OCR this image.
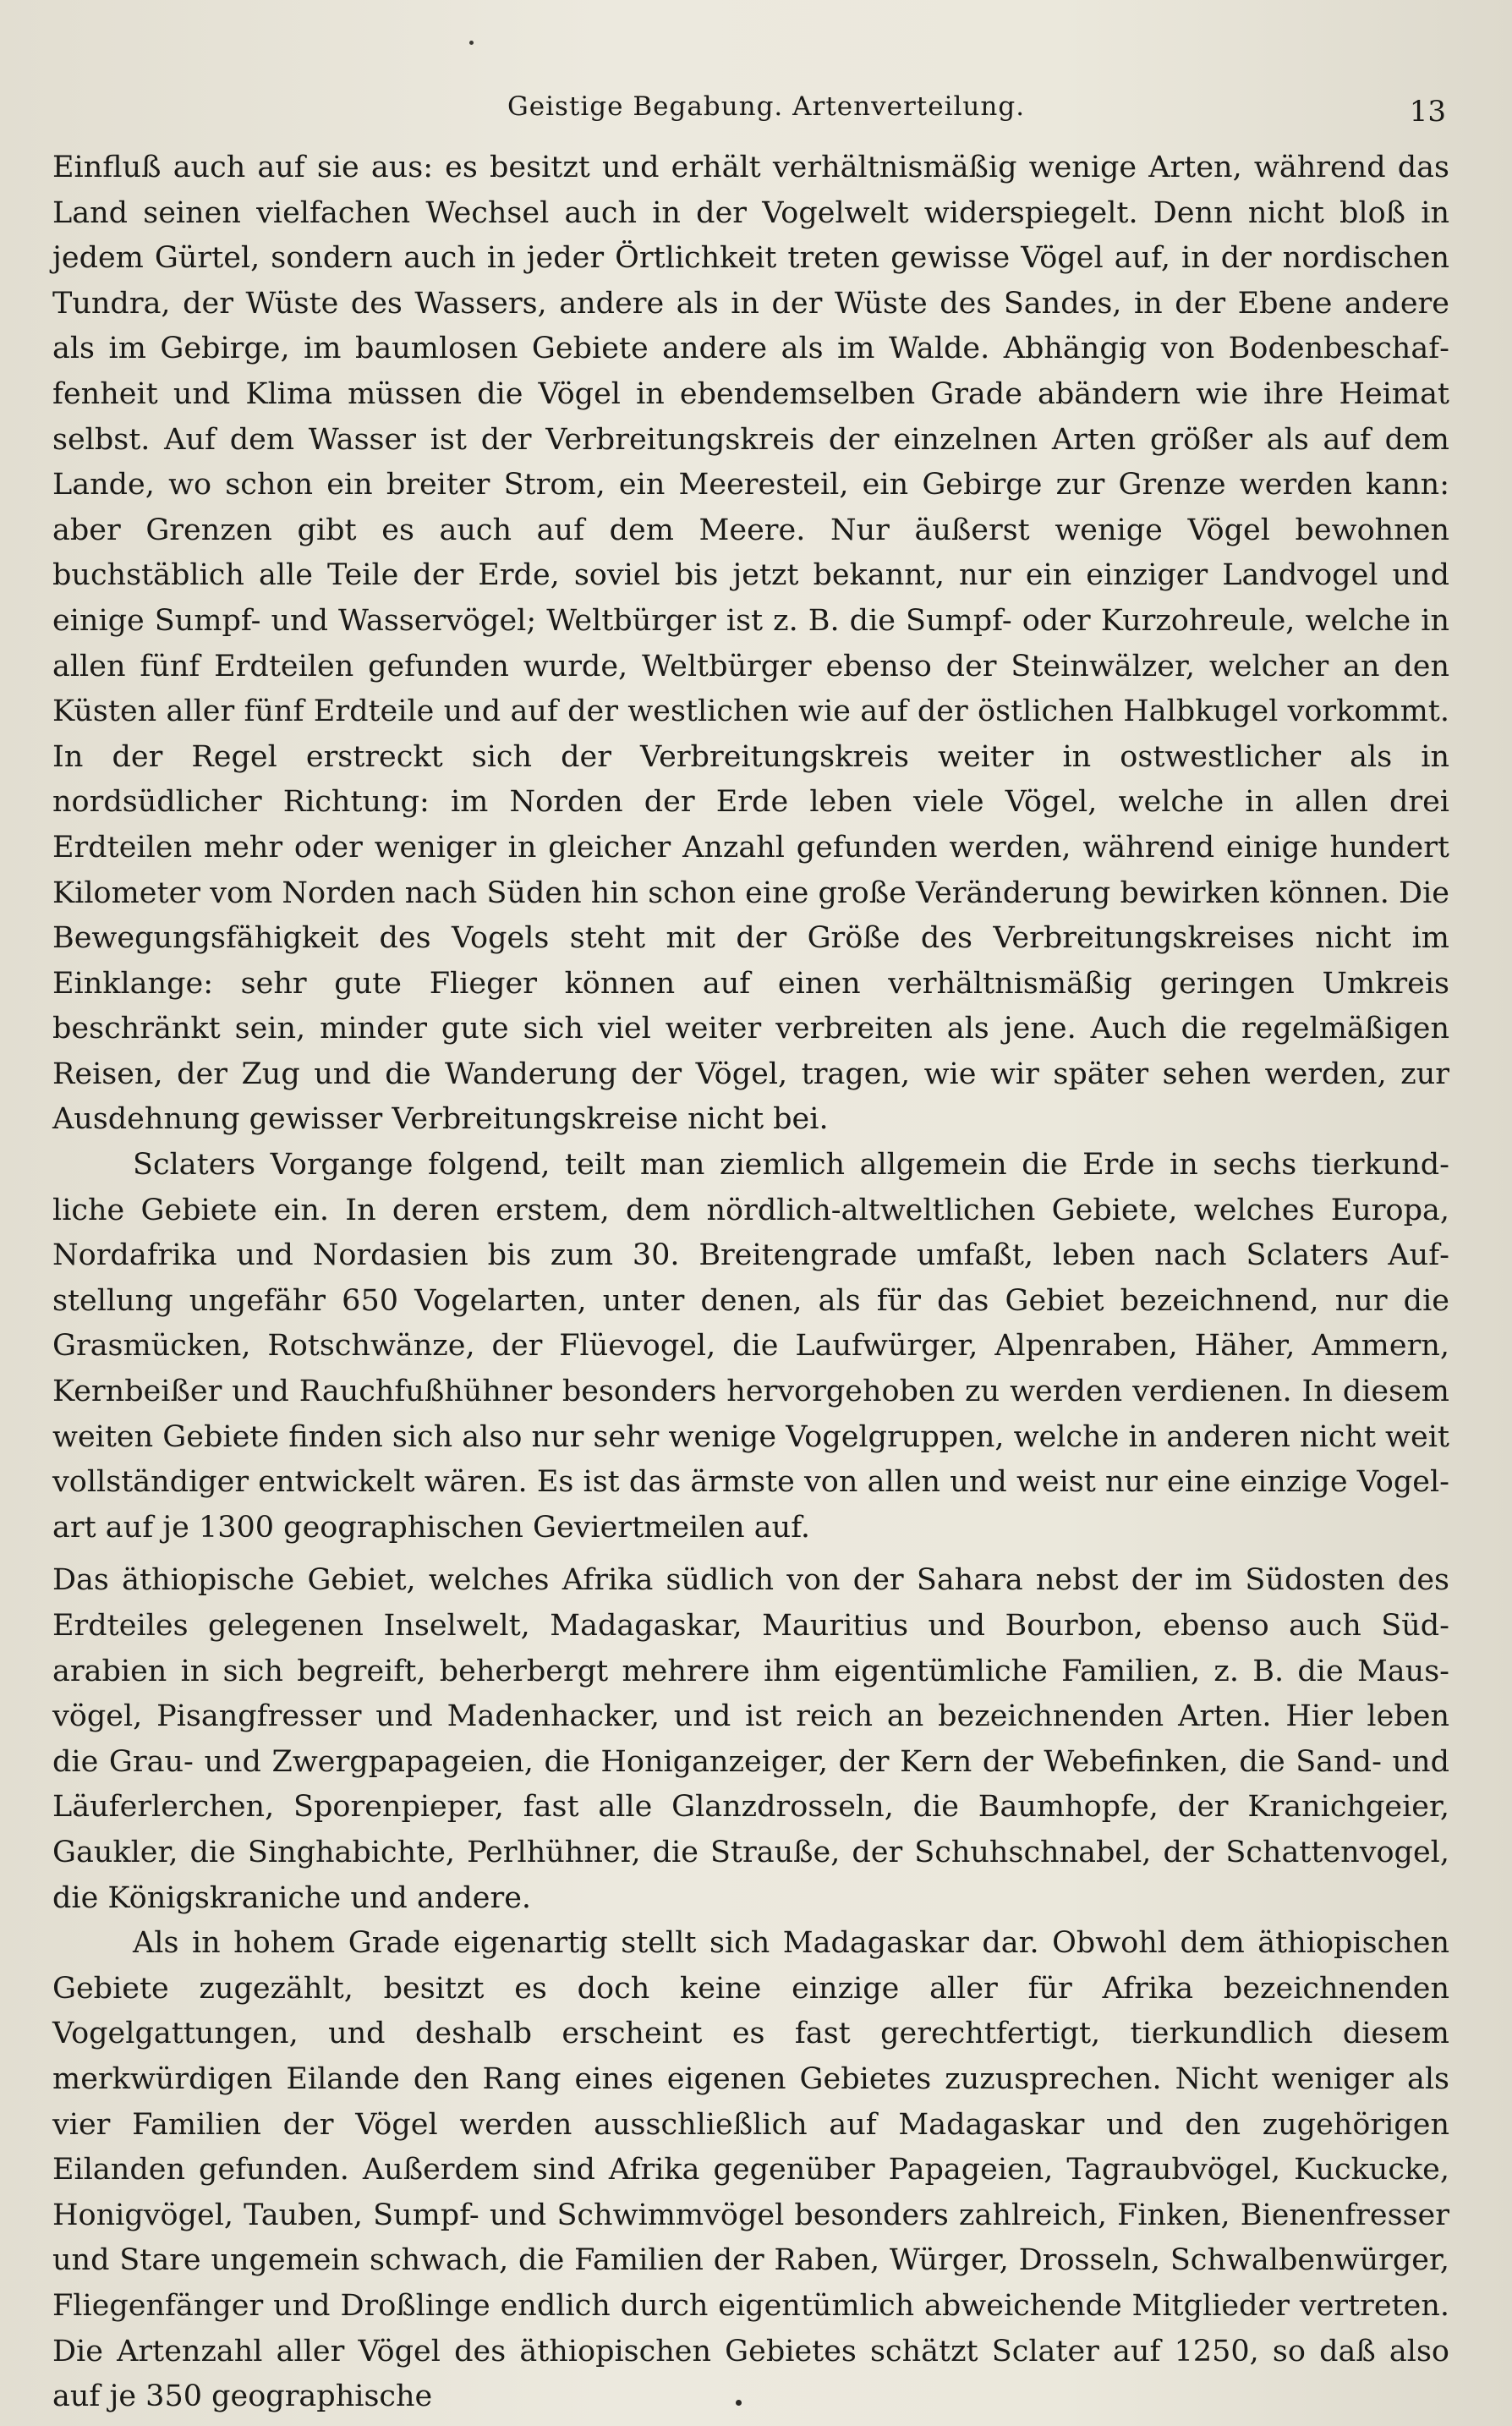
Geistige Begabung. Artenverteilung.	13

Einfluß auch auf sie aus: es besitzt und erhält verhältnismäßig wenige Arten, während das Land seinen vielfachen Wechsel auch in der Vogelwelt widerspiegelt. Denn nicht bloß in jedem Gürtel, sondern auch in jeder Örtlichkeit treten gewisse Vögel auf, in der nordischen Tundra, der Wüste des Wassers, andere als in der Wüste des Sandes, in der Ebene andere als im Gebirge, im baumlosen Gebiete andere als im Walde. Abhängig von Bodenbeschaffenheit und Klima müssen die Vögel in ebendemselben Grade abändern wie ihre Heimat selbst. Auf dem Wasser ist der Verbreitungskreis der einzelnen Arten größer als auf dem Lande, wo schon ein breiter Strom, ein Meeresteil, ein Gebirge zur Grenze werden kann: aber Grenzen gibt es auch auf dem Meere. Nur äußerst wenige Vögel bewohnen buchstäblich alle Teile der Erde, soviel bis jetzt bekannt, nur ein einziger Landvogel und einige Sumpf- und Wasservögel; Weltbürger ist z. B. die Sumpf- oder Kurzohreule, welche in allen fünf Erdteilen gefunden wurde, Weltbürger ebenso der Steinwälzer, welcher an den Küsten aller fünf Erdteile und auf der westlichen wie auf der östlichen Halbkugel vorkommt. In der Regel erstreckt sich der Verbreitungskreis weiter in ostwestlicher als in nordsüdlicher Richtung: im Norden der Erde leben viele Vögel, welche in allen drei Erdteilen mehr oder weniger in gleicher Anzahl gefunden werden, während einige hundert Kilometer vom Norden nach Süden hin schon eine große Veränderung bewirken können. Die Bewegungsfähigkeit des Vogels steht mit der Größe des Verbreitungskreises nicht im Einklange: sehr gute Flieger können auf einen verhältnismäßig geringen Umkreis beschränkt sein, minder gute sich viel weiter verbreiten als jene. Auch die regelmäßigen Reisen, der Zug und die Wanderung der Vögel, tragen, wie wir später sehen werden, zur Ausdehnung gewisser Verbreitungskreise nicht bei.

Sclaters Vorgange folgend, teilt man ziemlich allgemein die Erde in sechs tierkundliche Gebiete ein. In deren erstem, dem nördlich-altweltlichen Gebiete, welches Europa, Nordafrika und Nordasien bis zum 30. Breitengrade umfaßt, leben nach Sclaters Aufstellung ungefähr 650 Vogelarten, unter denen, als für das Gebiet bezeichnend, nur die Grasmücken, Rotschwänze, der Flüevogel, die Laufwürger, Alpenraben, Häher, Ammern, Kernbeißer und Rauchfußhühner besonders hervorgehoben zu werden verdienen. In diesem weiten Gebiete finden sich also nur sehr wenige Vogelgruppen, welche in anderen nicht weit vollständiger entwickelt wären. Es ist das ärmste von allen und weist nur eine einzige Vogelart auf je 1300 geographischen Geviertmeilen auf.

Das äthiopische Gebiet, welches Afrika südlich von der Sahara nebst der im Südosten des Erdteiles gelegenen Inselwelt, Madagaskar, Mauritius und Bourbon, ebenso auch Südarabien in sich begreift, beherbergt mehrere ihm eigentümliche Familien, z. B. die Mausvögel, Pisangfresser und Madenhacker, und ist reich an bezeichnenden Arten. Hier leben die Grau- und Zwergpapageien, die Honiganzeiger, der Kern der Webefinken, die Sand- und Läuferlerchen, Sporenpieper, fast alle Glanzdrosseln, die Baumhopfe, der Kranichgeier, Gaukler, die Singhabichte, Perlhühner, die Strauße, der Schuhschnabel, der Schattenvogel, die Königskraniche und andere.

Als in hohem Grade eigenartig stellt sich Madagaskar dar. Obwohl dem äthiopischen Gebiete zugezählt, besitzt es doch keine einzige aller für Afrika bezeichnenden Vogelgattungen, und deshalb erscheint es fast gerechtfertigt, tierkundlich diesem merkwürdigen Eilande den Rang eines eigenen Gebietes zuzusprechen. Nicht weniger als vier Familien der Vögel werden ausschließlich auf Madagaskar und den zugehörigen Eilanden gefunden. Außerdem sind Afrika gegenüber Papageien, Tagraubvögel, Kuckucke, Honigvögel, Tauben, Sumpf- und Schwimmvögel besonders zahlreich, Finken, Bienenfresser und Stare ungemein schwach, die Familien der Raben, Würger, Drosseln, Schwalbenwürger, Fliegenfänger und Droßlinge endlich durch eigentümlich abweichende Mitglieder vertreten. Die Artenzahl aller Vögel des äthiopischen Gebietes schätzt Sclater auf 1250, so daß also auf je 350 geographische
